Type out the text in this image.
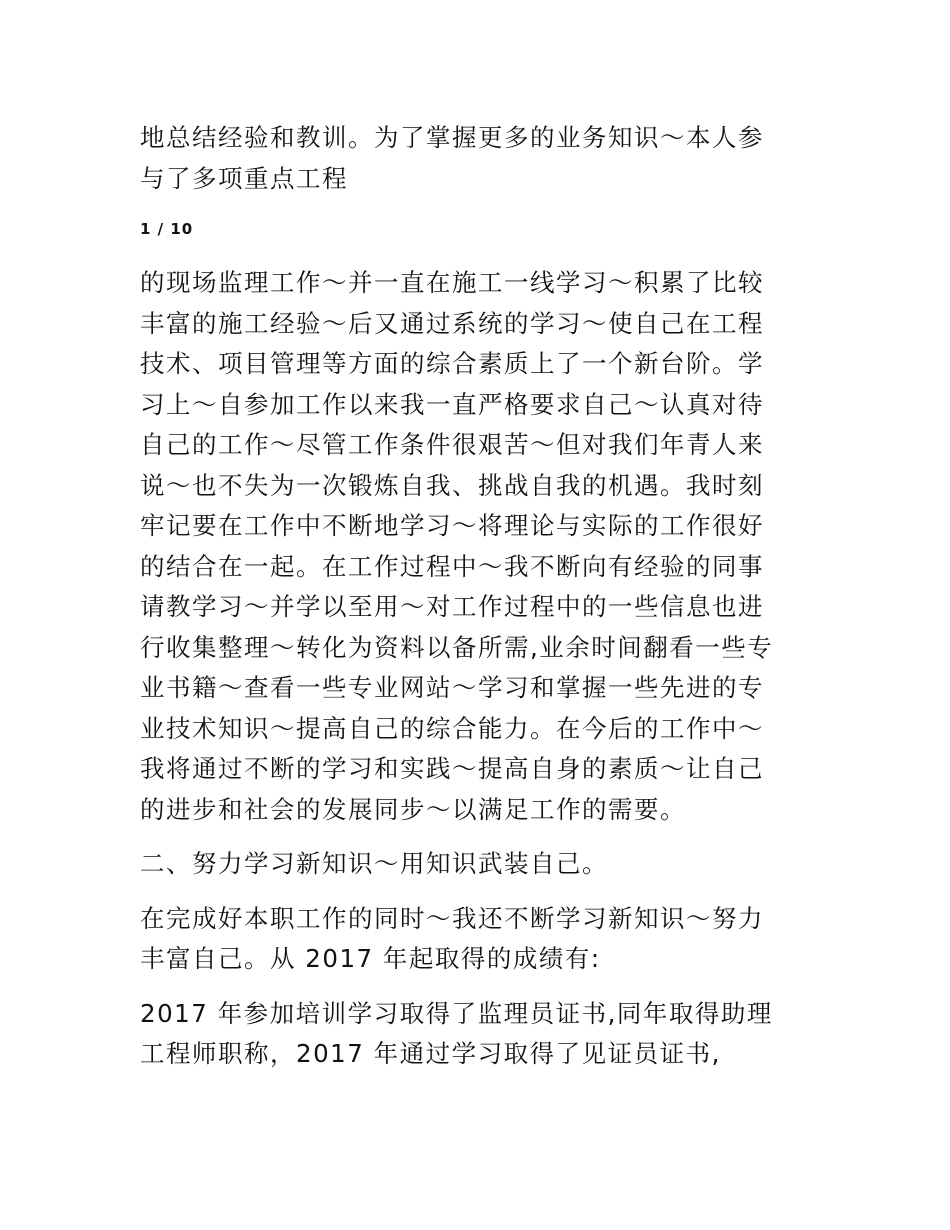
地总结经验和教训。为了掌握更多的业务知识～本人参
与了多项重点工程

1 / 10

的现场监理工作～并一直在施工一线学习～积累了比较
丰富的施工经验～后又通过系统的学习～使自己在工程
技术、项目管理等方面的综合素质上了一个新台阶。学
习上～自参加工作以来我一直严格要求自己～认真对待
自己的工作～尽管工作条件很艰苦～但对我们年青人来
说～也不失为一次锻炼自我、挑战自我的机遇。我时刻
牢记要在工作中不断地学习～将理论与实际的工作很好
的结合在一起。在工作过程中～我不断向有经验的同事
请教学习～并学以至用～对工作过程中的一些信息也进
行收集整理～转化为资料以备所需,业余时间翻看一些专
业书籍～查看一些专业网站～学习和掌握一些先进的专
业技术知识～提高自己的综合能力。在今后的工作中～
我将通过不断的学习和实践～提高自身的素质～让自己
的进步和社会的发展同步～以满足工作的需要。

二、努力学习新知识～用知识武装自己。

在完成好本职工作的同时～我还不断学习新知识～努力
丰富自己。从 2017 年起取得的成绩有:

2017 年参加培训学习取得了监理员证书,同年取得助理
工程师职称，2017 年通过学习取得了见证员证书,
